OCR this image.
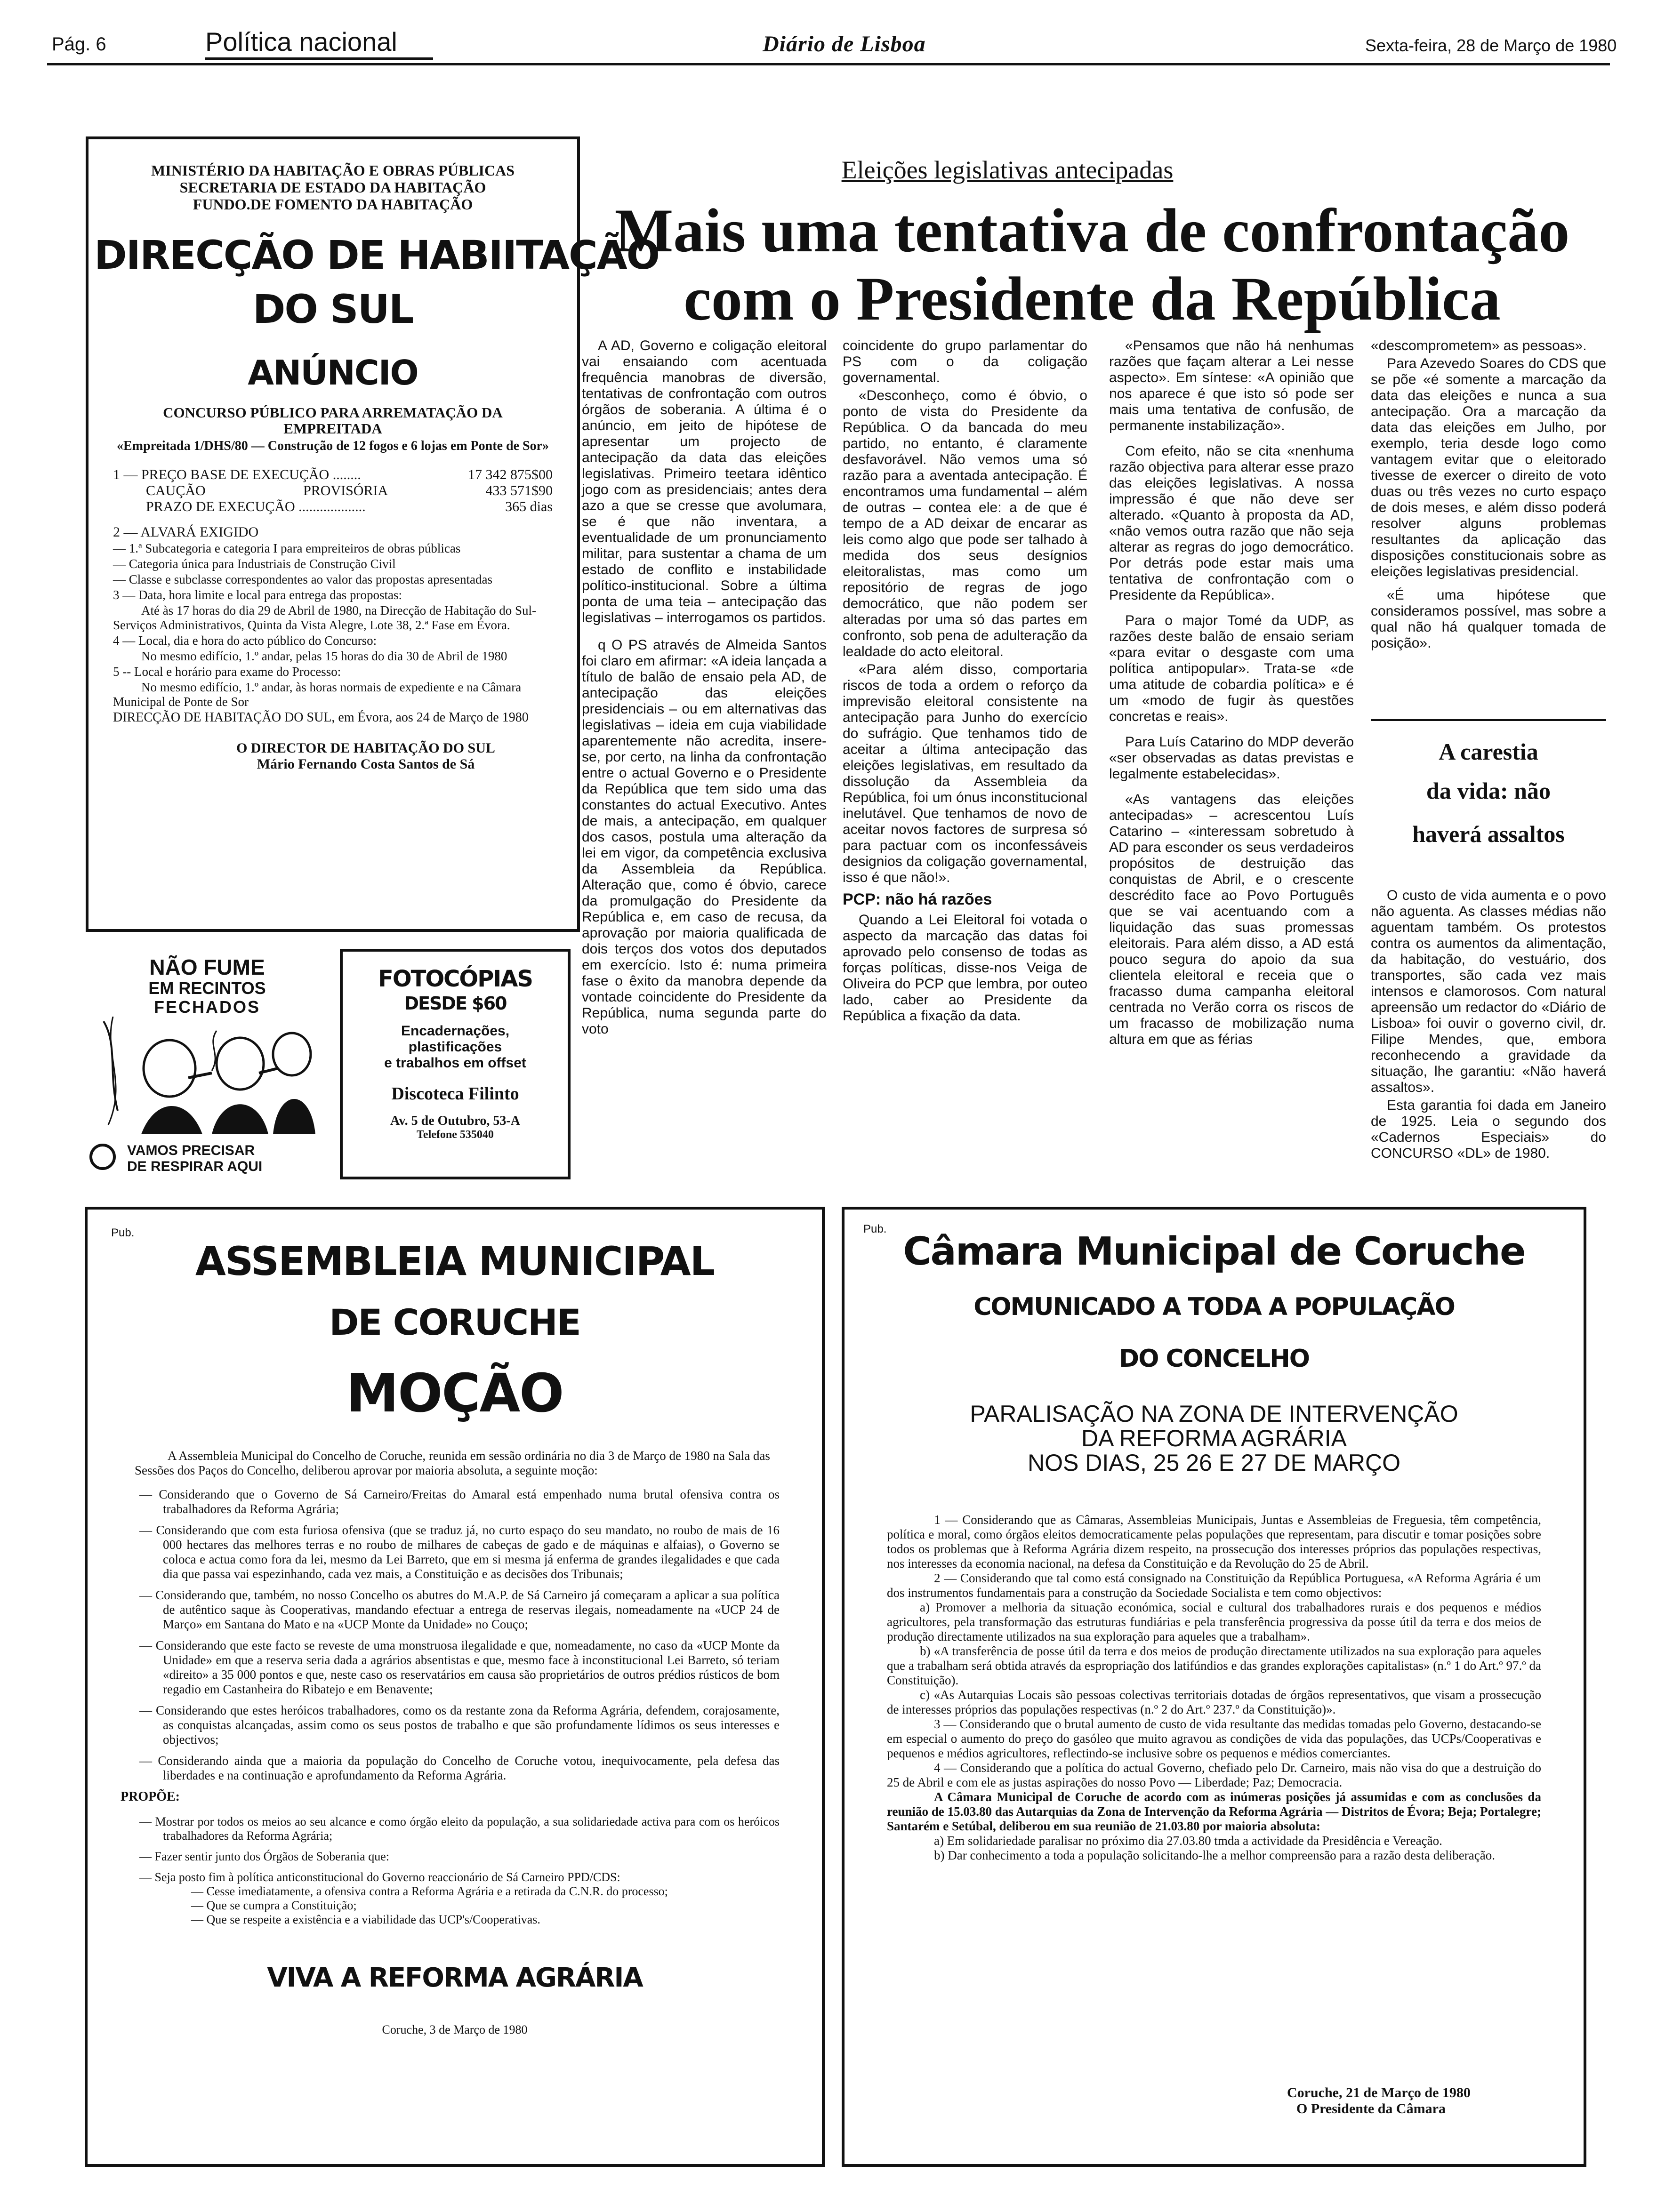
Pág. 6	Política nacional	Diário de Lisboa	Sexta-feira, 28 de Março de 1980
MINISTÉRIO DA HABITAÇÃO E OBRAS PÚBLICAS
SECRETARIA DE ESTADO DA HABITAÇÃO
FUNDO.DE FOMENTO DA HABITAÇÃO
DIRECÇÃO DE HABIITAÇÃO
DO SUL
ANÚNCIO
CONCURSO PÚBLICO PARA ARREMATAÇÃO DA EMPREITADA
«Empreitada 1/DHS/80 — Construção de 12 fogos e 6 lojas em Ponte de Sor»
1 — PREÇO BASE DE EXECUÇÃO ........	17 342 875$00
CAUÇÃO	PROVISÓRIA	433 571$90
PRAZO DE EXECUÇÃO ...................	365 dias

2 — ALVARÁ EXIGIDO

— 1.ª Subcategoria e categoria I para empreiteiros de obras públicas

— Categoria única para Industriais de Construção Civil

— Classe e subclasse correspondentes ao valor das propostas apresentadas

3 — Data, hora limite e local para entrega das propostas:

Até às 17 horas do dia 29 de Abril de 1980, na Direcção de Habitação do Sul-Serviços Administrativos, Quinta da Vista Alegre, Lote 38, 2.ª Fase em Évora.

4 — Local, dia e hora do acto público do Concurso:

No mesmo edifício, 1.º andar, pelas 15 horas do dia 30 de Abril de 1980

5 -- Local e horário para exame do Processo:

No mesmo edifício, 1.º andar, às horas normais de expediente e na Câmara Municipal de Ponte de Sor

DIRECÇÃO DE HABITAÇÃO DO SUL, em Évora, aos 24 de Março de 1980

O DIRECTOR DE HABITAÇÃO DO SUL
Mário Fernando Costa Santos de Sá
NÃO FUME
EM RECINTOS
FECHADOS
VAMOS PRECISAR
DE RESPIRAR AQUI
FOTOCÓPIAS
DESDE $60
Encadernações,
plastificações
e trabalhos em offset
Discoteca Filinto
Av. 5 de Outubro, 53-A
Telefone 535040
Eleições legislativas antecipadas
Mais uma tentativa de confrontação
com o Presidente da República

A AD, Governo e coligação eleitoral vai ensaiando com acentuada frequência manobras de diversão, tentativas de confrontação com outros órgãos de soberania. A última é o anúncio, em jeito de hipótese de apresentar um projecto de antecipação da data das eleições legislativas. Primeiro teetara idêntico jogo com as presidenciais; antes dera azo a que se cresse que avolumara, se é que não inventara, a eventualidade de um pronunciamento militar, para sustentar a chama de um estado de conflito e instabilidade político-institucional. Sobre a última ponta de uma teia – antecipação das legislativas – interrogamos os partidos.

q O PS através de Almeida Santos foi claro em afirmar: «A ideia lançada a título de balão de ensaio pela AD, de antecipação das eleições presidenciais – ou em alternativas das legislativas – ideia em cuja viabilidade aparentemente não acredita, insere-se, por certo, na linha da confrontação entre o actual Governo e o Presidente da República que tem sido uma das constantes do actual Executivo. Antes de mais, a antecipação, em qualquer dos casos, postula uma alteração da lei em vigor, da competência exclusiva da Assembleia da República. Alteração que, como é óbvio, carece da promulgação do Presidente da República e, em caso de recusa, da aprovação por maioria qualificada de dois terços dos votos dos deputados em exercício. Isto é: numa primeira fase o êxito da manobra depende da vontade coincidente do Presidente da República, numa segunda parte do voto

coincidente do grupo parlamentar do PS com o da coligação governamental.

«Desconheço, como é óbvio, o ponto de vista do Presidente da República. O da bancada do meu partido, no entanto, é claramente desfavorável. Não vemos uma só razão para a aventada antecipação. É encontramos uma fundamental – além de outras – contea ele: a de que é tempo de a AD deixar de encarar as leis como algo que pode ser talhado à medida dos seus desígnios eleitoralistas, mas como um repositório de regras de jogo democrático, que não podem ser alteradas por uma só das partes em confronto, sob pena de adulteração da lealdade do acto eleitoral.

«Para além disso, comportaria riscos de toda a ordem o reforço da imprevisão eleitoral consistente na antecipação para Junho do exercício do sufrágio. Que tenhamos tido de aceitar a última antecipação das eleições legislativas, em resultado da dissolução da Assembleia da República, foi um ónus inconstitucional inelutável. Que tenhamos de novo de aceitar novos factores de surpresa só para pactuar com os inconfessáveis designios da coligação governamental, isso é que não!».

PCP: não há razões

Quando a Lei Eleitoral foi votada o aspecto da marcação das datas foi aprovado pelo consenso de todas as forças políticas, disse-nos Veiga de Oliveira do PCP que lembra, por outeo lado, caber ao Presidente da República a fixação da data.

«Pensamos que não há nenhumas razões que façam alterar a Lei nesse aspecto». Em síntese: «A opinião que nos aparece é que isto só pode ser mais uma tentativa de confusão, de permanente instabilização».

Com efeito, não se cita «nenhuma razão objectiva para alterar esse prazo das eleições legislativas. A nossa impressão é que não deve ser alterado. «Quanto à proposta da AD, «não vemos outra razão que não seja alterar as regras do jogo democrático. Por detrás pode estar mais uma tentativa de confrontação com o Presidente da República».

Para o major Tomé da UDP, as razões deste balão de ensaio seriam «para evitar o desgaste com uma política antipopular». Trata-se «de uma atitude de cobardia política» e é um «modo de fugir às questões concretas e reais».

Para Luís Catarino do MDP deverão «ser observadas as datas previstas e legalmente estabelecidas».

«As vantagens das eleições antecipadas» – acrescentou Luís Catarino – «interessam sobretudo à AD para esconder os seus verdadeiros propósitos de destruição das conquistas de Abril, e o crescente descrédito face ao Povo Português que se vai acentuando com a liquidação das suas promessas eleitorais. Para além disso, a AD está pouco segura do apoio da sua clientela eleitoral e receia que o fracasso duma campanha eleitoral centrada no Verão corra os riscos de um fracasso de mobilização numa altura em que as férias

«descomprometem» as pessoas».

Para Azevedo Soares do CDS que se põe «é somente a marcação da data das eleições e nunca a sua antecipação. Ora a marcação da data das eleições em Julho, por exemplo, teria desde logo como vantagem evitar que o eleitorado tivesse de exercer o direito de voto duas ou três vezes no curto espaço de dois meses, e além disso poderá resolver alguns problemas resultantes da aplicação das disposições constitucionais sobre as eleições legislativas presidencial.

«É uma hipótese que consideramos possível, mas sobre a qual não há qualquer tomada de posição».

A carestia
da vida: não
haverá assaltos

O custo de vida aumenta e o povo não aguenta. As classes médias não aguentam também. Os protestos contra os aumentos da alimentação, da habitação, do vestuário, dos transportes, são cada vez mais intensos e clamorosos. Com natural apreensão um redactor do «Diário de Lisboa» foi ouvir o governo civil, dr. Filipe Mendes, que, embora reconhecendo a gravidade da situação, lhe garantiu: «Não haverá assaltos».

Esta garantia foi dada em Janeiro de 1925. Leia o segundo dos «Cadernos Especiais» do CONCURSO «DL» de 1980.

Pub.
ASSEMBLEIA MUNICIPAL
DE CORUCHE
MOÇÃO

A Assembleia Municipal do Concelho de Coruche, reunida em sessão ordinária no dia 3 de Março de 1980 na Sala das Sessões dos Paços do Concelho, deliberou aprovar por maioria absoluta, a seguinte moção:

— Considerando que o Governo de Sá Carneiro/Freitas do Amaral está empenhado numa brutal ofensiva contra os trabalhadores da Reforma Agrária;
— Considerando que com esta furiosa ofensiva (que se traduz já, no curto espaço do seu mandato, no roubo de mais de 16 000 hectares das melhores terras e no roubo de milhares de cabeças de gado e de máquinas e alfaias), o Governo se coloca e actua como fora da lei, mesmo da Lei Barreto, que em si mesma já enferma de grandes ilegalidades e que cada dia que passa vai espezinhando, cada vez mais, a Constituição e as decisões dos Tribunais;
— Considerando que, também, no nosso Concelho os abutres do M.A.P. de Sá Carneiro já começaram a aplicar a sua política de autêntico saque às Cooperativas, mandando efectuar a entrega de reservas ilegais, nomeadamente na «UCP 24 de Março» em Santana do Mato e na «UCP Monte da Unidade» no Couço;
— Considerando que este facto se reveste de uma monstruosa ilegalidade e que, nomeadamente, no caso da «UCP Monte da Unidade» em que a reserva seria dada a agrários absentistas e que, mesmo face à inconstitucional Lei Barreto, só teriam «direito» a 35 000 pontos e que, neste caso os reservatários em causa são proprietários de outros prédios rústicos de bom regadio em Castanheira do Ribatejo e em Benavente;
— Considerando que estes heróicos trabalhadores, como os da restante zona da Reforma Agrária, defendem, corajosamente, as conquistas alcançadas, assim como os seus postos de trabalho e que são profundamente lídimos os seus interesses e objectivos;
— Considerando ainda que a maioria da população do Concelho de Coruche votou, inequivocamente, pela defesa das liberdades e na continuação e aprofundamento da Reforma Agrária.
PROPÕE:
— Mostrar por todos os meios ao seu alcance e como órgão eleito da população, a sua solidariedade activa para com os heróicos trabalhadores da Reforma Agrária;
— Fazer sentir junto dos Órgãos de Soberania que:
— Seja posto fim à política anticonstitucional do Governo reaccionário de Sá Carneiro PPD/CDS:
— Cesse imediatamente, a ofensiva contra a Reforma Agrária e a retirada da C.N.R. do processo;
— Que se cumpra a Constituição;
— Que se respeite a existência e a viabilidade das UCP's/Cooperativas.
VIVA A REFORMA AGRÁRIA
Coruche, 3 de Março de 1980
Pub.
Câmara Municipal de Coruche
COMUNICADO A TODA A POPULAÇÃO
DO CONCELHO
PARALISAÇÃO NA ZONA DE INTERVENÇÃO
DA REFORMA AGRÁRIA
NOS DIAS, 25 26 E 27 DE MARÇO

1 — Considerando que as Câmaras, Assembleias Municipais, Juntas e Assembleias de Freguesia, têm competência, política e moral, como órgãos eleitos democraticamente pelas populações que representam, para discutir e tomar posições sobre todos os problemas que à Reforma Agrária dizem respeito, na prossecução dos interesses próprios das populações respectivas, nos interesses da economia nacional, na defesa da Constituição e da Revolução do 25 de Abril.

2 — Considerando que tal como está consignado na Constituição da República Portuguesa, «A Reforma Agrária é um dos instrumentos fundamentais para a construção da Sociedade Socialista e tem como objectivos:

a) Promover a melhoria da situação económica, social e cultural dos trabalhadores rurais e dos pequenos e médios agricultores, pela transformação das estruturas fundiárias e pela transferência progressiva da posse útil da terra e dos meios de produção directamente utilizados na sua exploração para aqueles que a trabalham».

b) «A transferência de posse útil da terra e dos meios de produção directamente utilizados na sua exploração para aqueles que a trabalham será obtida através da espropriação dos latifúndios e das grandes explorações capitalistas» (n.º 1 do Art.º 97.º da Constituição).

c) «As Autarquias Locais são pessoas colectivas territoriais dotadas de órgãos representativos, que visam a prossecução de interesses próprios das populações respectivas (n.º 2 do Art.º 237.º da Constituição)».

3 — Considerando que o brutal aumento de custo de vida resultante das medidas tomadas pelo Governo, destacando-se em especial o aumento do preço do gasóleo que muito agravou as condições de vida das populações, das UCPs/Cooperativas e pequenos e médios agricultores, reflectindo-se inclusive sobre os pequenos e médios comerciantes.

4 — Considerando que a política do actual Governo, chefiado pelo Dr. Carneiro, mais não visa do que a destruição do 25 de Abril e com ele as justas aspirações do nosso Povo — Liberdade; Paz; Democracia.

A Câmara Municipal de Coruche de acordo com as inúmeras posições já assumidas e com as conclusões da reunião de 15.03.80 das Autarquias da Zona de Intervenção da Reforma Agrária — Distritos de Évora; Beja; Portalegre; Santarém e Setúbal, deliberou em sua reunião de 21.03.80 por maioria absoluta:

a) Em solidariedade paralisar no próximo dia 27.03.80 tmda a actividade da Presidência e Vereação.

b) Dar conhecimento a toda a população solicitando-lhe a melhor compreensão para a razão desta deliberação.

Coruche, 21 de Março de 1980
O Presidente da Câmara
